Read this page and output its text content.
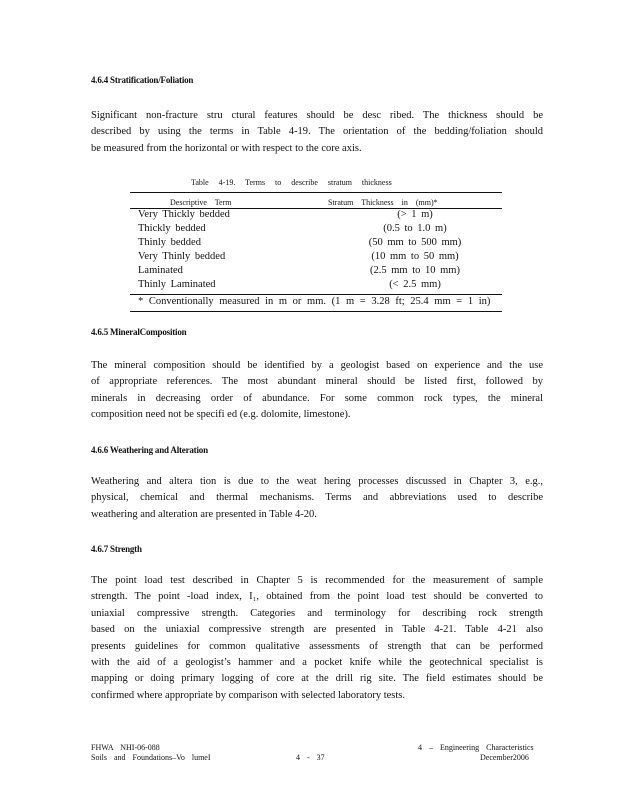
4.6.4 Stratification/Foliation
Significant non-fracture stru ctural features should be desc ribed. The thickness should be
described by using the terms in Table 4-19. The orientation of the bedding/foliation should
be measured from the horizontal or with respect to the core axis.
Table 4-19. Terms to describe stratum thickness
Descriptive Term	Stratum Thickness in (mm)*
Very Thickly bedded	(> 1 m)
Thickly bedded	(0.5 to 1.0 m)
Thinly bedded	(50 mm to 500 mm)
Very Thinly bedded	(10 mm to 50 mm)
Laminated	(2.5 mm to 10 mm)
Thinly Laminated	(< 2.5 mm)
* Conventionally measured in m or mm. (1 m = 3.28 ft; 25.4 mm = 1 in)
4.6.5 MineralComposition
The mineral composition should be identified by a geologist based on experience and the use
of appropriate references. The most abundant mineral should be listed first, followed by
minerals in decreasing order of abundance. For some common rock types, the mineral
composition need not be specifi ed (e.g. dolomite, limestone).
4.6.6 Weathering and Alteration
Weathering and altera tion is due to the weat hering processes discussed in Chapter 3, e.g.,
physical, chemical and thermal mechanisms. Terms and abbreviations used to describe
weathering and alteration are presented in Table 4-20.
4.6.7 Strength
The point load test described in Chapter 5 is recommended for the measurement of sample
strength. The point -load index, I₁, obtained from the point load test should be converted to
uniaxial compressive strength. Categories and terminology for describing rock strength
based on the uniaxial compressive strength are presented in Table 4-21. Table 4-21 also
presents guidelines for common qualitative assessments of strength that can be performed
with the aid of a geologist’s hammer and a pocket knife while the geotechnical specialist is
mapping or doing primary logging of core at the drill rig site. The field estimates should be
confirmed where appropriate by comparison with selected laboratory tests.
FHWA NHI-06-088
Soils and Foundations–Vo lumeI	4 - 37
4 – Engineering Characteristics
December2006
